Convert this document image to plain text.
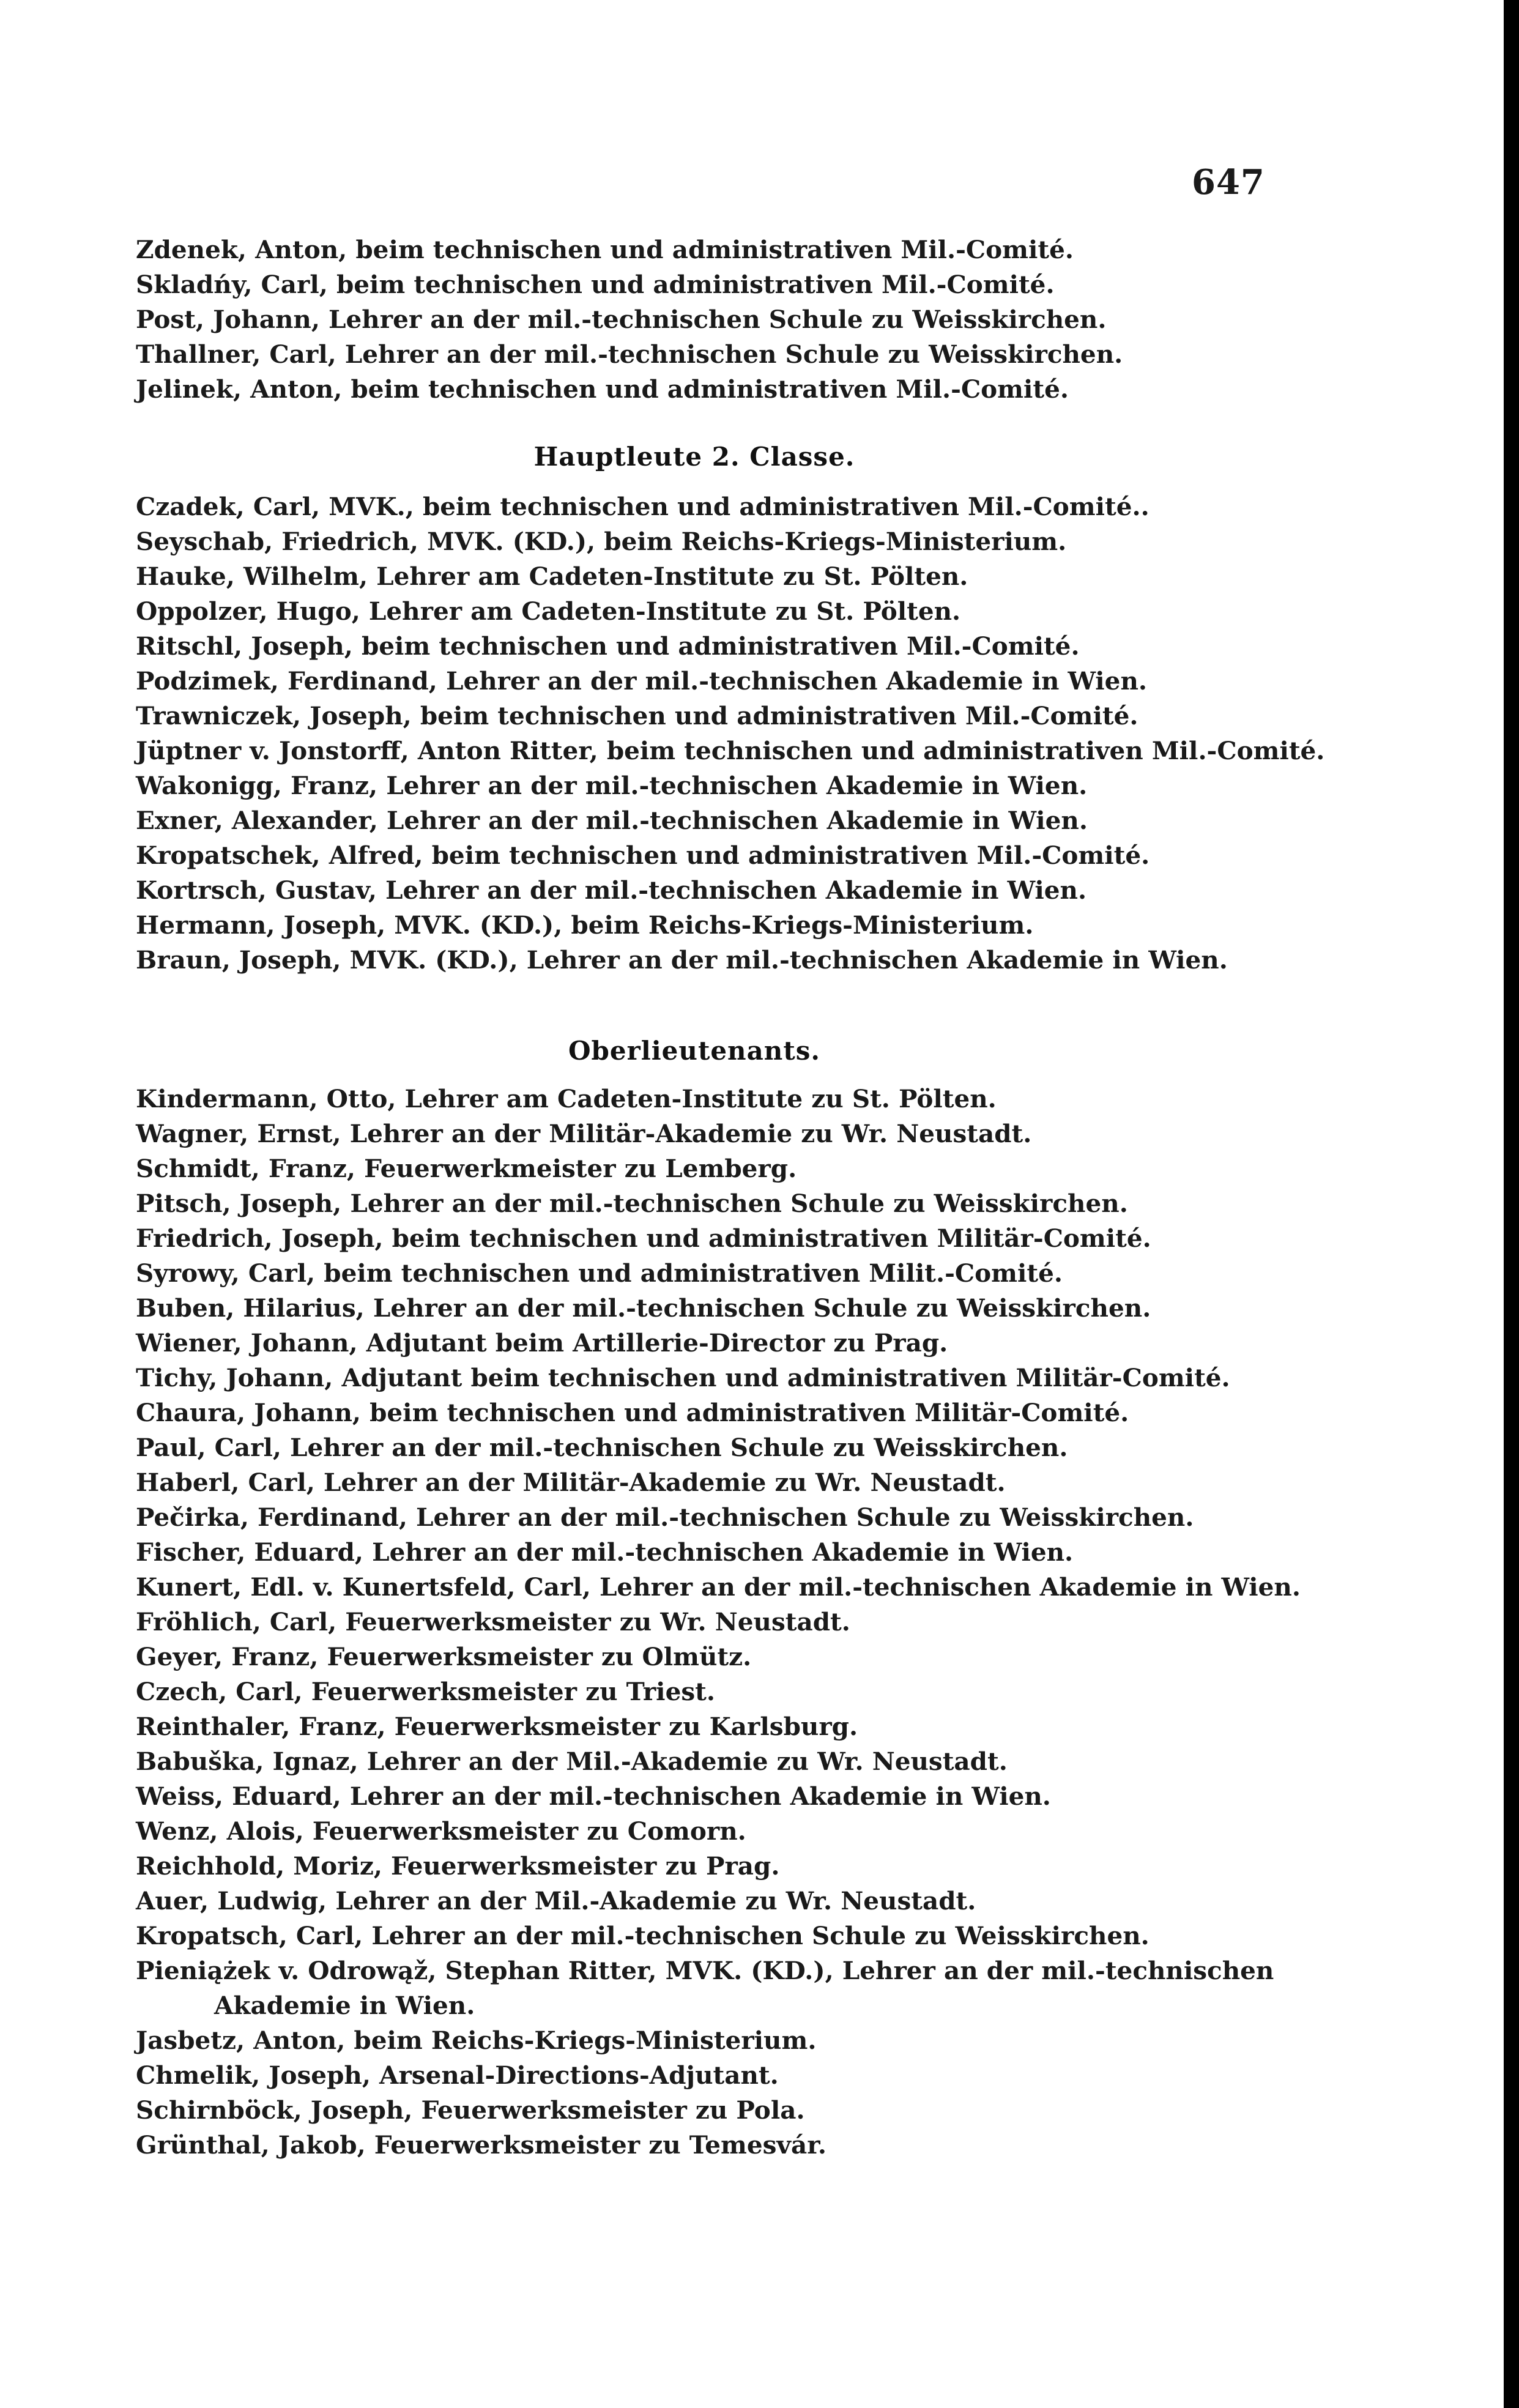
647
Zdenek, Anton, beim technischen und administrativen Mil.-Comité.
Skladńy, Carl, beim technischen und administrativen Mil.-Comité.
Post, Johann, Lehrer an der mil.-technischen Schule zu Weisskirchen.
Thallner, Carl, Lehrer an der mil.-technischen Schule zu Weisskirchen.
Jelinek, Anton, beim technischen und administrativen Mil.-Comité.
Hauptleute 2. Classe.
Czadek, Carl, MVK., beim technischen und administrativen Mil.-Comité..
Seyschab, Friedrich, MVK. (KD.), beim Reichs-Kriegs-Ministerium.
Hauke, Wilhelm, Lehrer am Cadeten-Institute zu St. Pölten.
Oppolzer, Hugo, Lehrer am Cadeten-Institute zu St. Pölten.
Ritschl, Joseph, beim technischen und administrativen Mil.-Comité.
Podzimek, Ferdinand, Lehrer an der mil.-technischen Akademie in Wien.
Trawniczek, Joseph, beim technischen und administrativen Mil.-Comité.
Jüptner v. Jonstorff, Anton Ritter, beim technischen und administrativen Mil.-Comité.
Wakonigg, Franz, Lehrer an der mil.-technischen Akademie in Wien.
Exner, Alexander, Lehrer an der mil.-technischen Akademie in Wien.
Kropatschek, Alfred, beim technischen und administrativen Mil.-Comité.
Kortrsch, Gustav, Lehrer an der mil.-technischen Akademie in Wien.
Hermann, Joseph, MVK. (KD.), beim Reichs-Kriegs-Ministerium.
Braun, Joseph, MVK. (KD.), Lehrer an der mil.-technischen Akademie in Wien.
Oberlieutenants.
Kindermann, Otto, Lehrer am Cadeten-Institute zu St. Pölten.
Wagner, Ernst, Lehrer an der Militär-Akademie zu Wr. Neustadt.
Schmidt, Franz, Feuerwerkmeister zu Lemberg.
Pitsch, Joseph, Lehrer an der mil.-technischen Schule zu Weisskirchen.
Friedrich, Joseph, beim technischen und administrativen Militär-Comité.
Syrowy, Carl, beim technischen und administrativen Milit.-Comité.
Buben, Hilarius, Lehrer an der mil.-technischen Schule zu Weisskirchen.
Wiener, Johann, Adjutant beim Artillerie-Director zu Prag.
Tichy, Johann, Adjutant beim technischen und administrativen Militär-Comité.
Chaura, Johann, beim technischen und administrativen Militär-Comité.
Paul, Carl, Lehrer an der mil.-technischen Schule zu Weisskirchen.
Haberl, Carl, Lehrer an der Militär-Akademie zu Wr. Neustadt.
Pečirka, Ferdinand, Lehrer an der mil.-technischen Schule zu Weisskirchen.
Fischer, Eduard, Lehrer an der mil.-technischen Akademie in Wien.
Kunert, Edl. v. Kunertsfeld, Carl, Lehrer an der mil.-technischen Akademie in Wien.
Fröhlich, Carl, Feuerwerksmeister zu Wr. Neustadt.
Geyer, Franz, Feuerwerksmeister zu Olmütz.
Czech, Carl, Feuerwerksmeister zu Triest.
Reinthaler, Franz, Feuerwerksmeister zu Karlsburg.
Babuška, Ignaz, Lehrer an der Mil.-Akademie zu Wr. Neustadt.
Weiss, Eduard, Lehrer an der mil.-technischen Akademie in Wien.
Wenz, Alois, Feuerwerksmeister zu Comorn.
Reichhold, Moriz, Feuerwerksmeister zu Prag.
Auer, Ludwig, Lehrer an der Mil.-Akademie zu Wr. Neustadt.
Kropatsch, Carl, Lehrer an der mil.-technischen Schule zu Weisskirchen.
Pieniążek v. Odrowąž, Stephan Ritter, MVK. (KD.), Lehrer an der mil.-technischen
Akademie in Wien.
Jasbetz, Anton, beim Reichs-Kriegs-Ministerium.
Chmelik, Joseph, Arsenal-Directions-Adjutant.
Schirnböck, Joseph, Feuerwerksmeister zu Pola.
Grünthal, Jakob, Feuerwerksmeister zu Temesvár.
